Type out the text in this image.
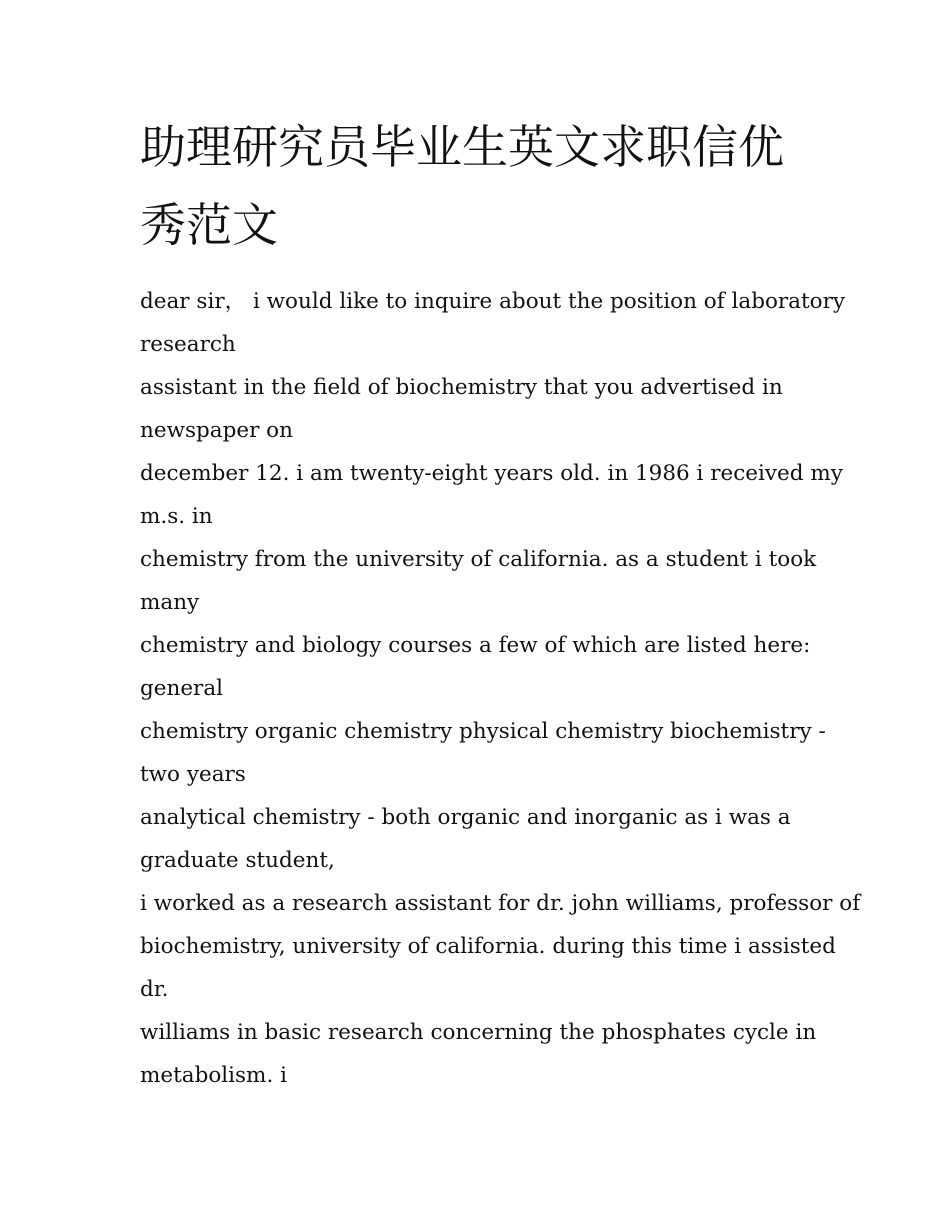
助理研究员毕业生英文求职信优秀范文
dear sir， i would like to inquire about the position of laboratory
research
assistant in the field of biochemistry that you advertised in
newspaper on
december 12. i am twenty-eight years old. in 1986 i received my
m.s. in
chemistry from the university of california. as a student i took
many
chemistry and biology courses a few of which are listed here:
general
chemistry organic chemistry physical chemistry biochemistry -
two years
analytical chemistry - both organic and inorganic as i was a
graduate student,
i worked as a research assistant for dr. john williams, professor of
biochemistry, university of california. during this time i assisted
dr.
williams in basic research concerning the phosphates cycle in
metabolism. i
